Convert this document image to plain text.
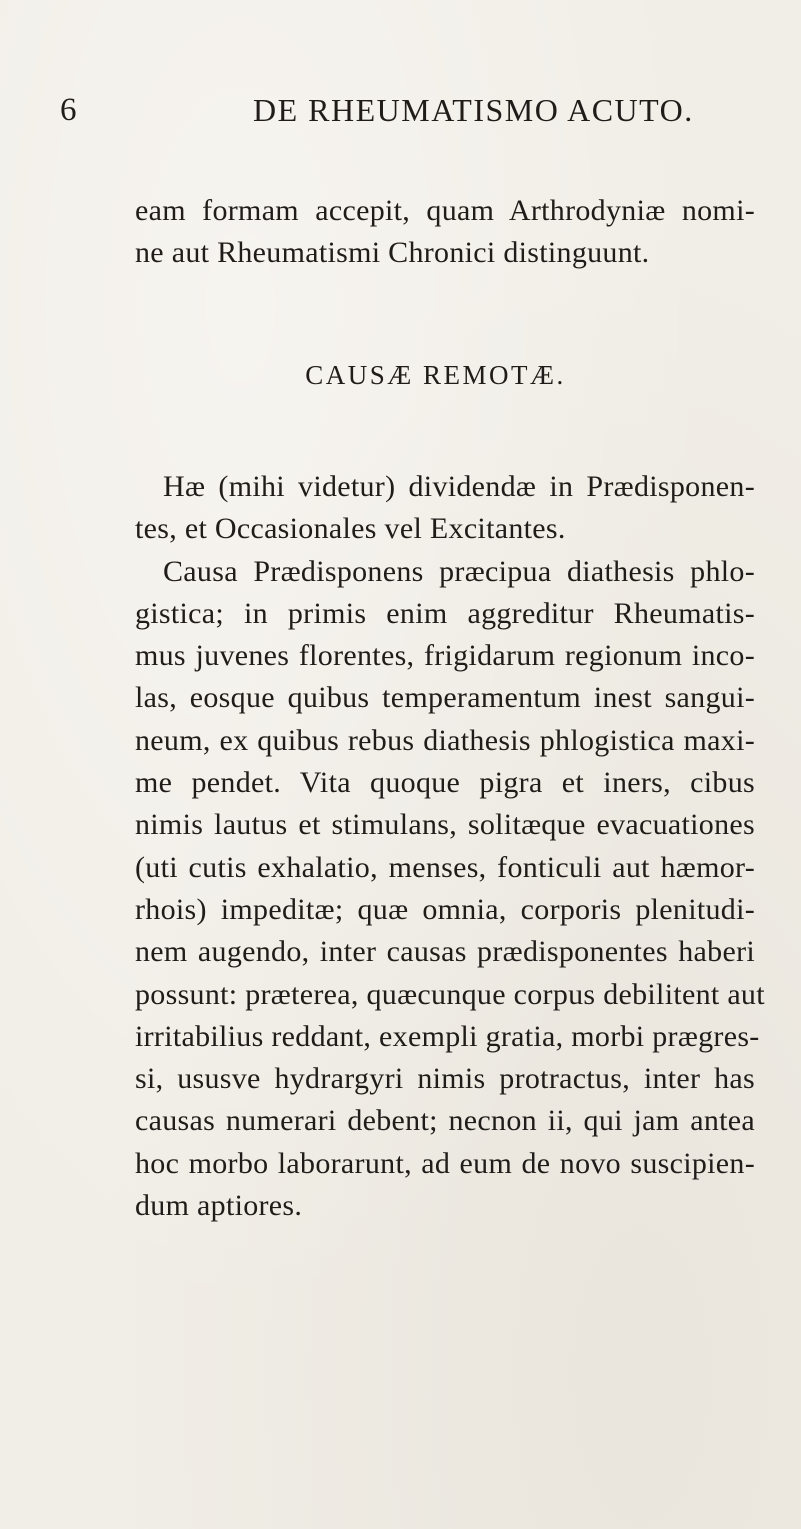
6	DE RHEUMATISMO ACUTO.
eam formam accepit, quam Arthrodyniæ nomi-
ne aut Rheumatismi Chronici distinguunt.
CAUSÆ REMOTÆ.
Hæ (mihi videtur) dividendæ in Prædisponen-
tes, et Occasionales vel Excitantes.
Causa Prædisponens præcipua diathesis phlo-
gistica; in primis enim aggreditur Rheumatis-
mus juvenes florentes, frigidarum regionum inco-
las, eosque quibus temperamentum inest sangui-
neum, ex quibus rebus diathesis phlogistica maxi-
me pendet. Vita quoque pigra et iners, cibus
nimis lautus et stimulans, solitæque evacuationes
(uti cutis exhalatio, menses, fonticuli aut hæmor-
rhois) impeditæ; quæ omnia, corporis plenitudi-
nem augendo, inter causas prædisponentes haberi
possunt: præterea, quæcunque corpus debilitent aut
irritabilius reddant, exempli gratia, morbi prægres-
si, ususve hydrargyri nimis protractus, inter has
causas numerari debent; necnon ii, qui jam antea
hoc morbo laborarunt, ad eum de novo suscipien-
dum aptiores.
